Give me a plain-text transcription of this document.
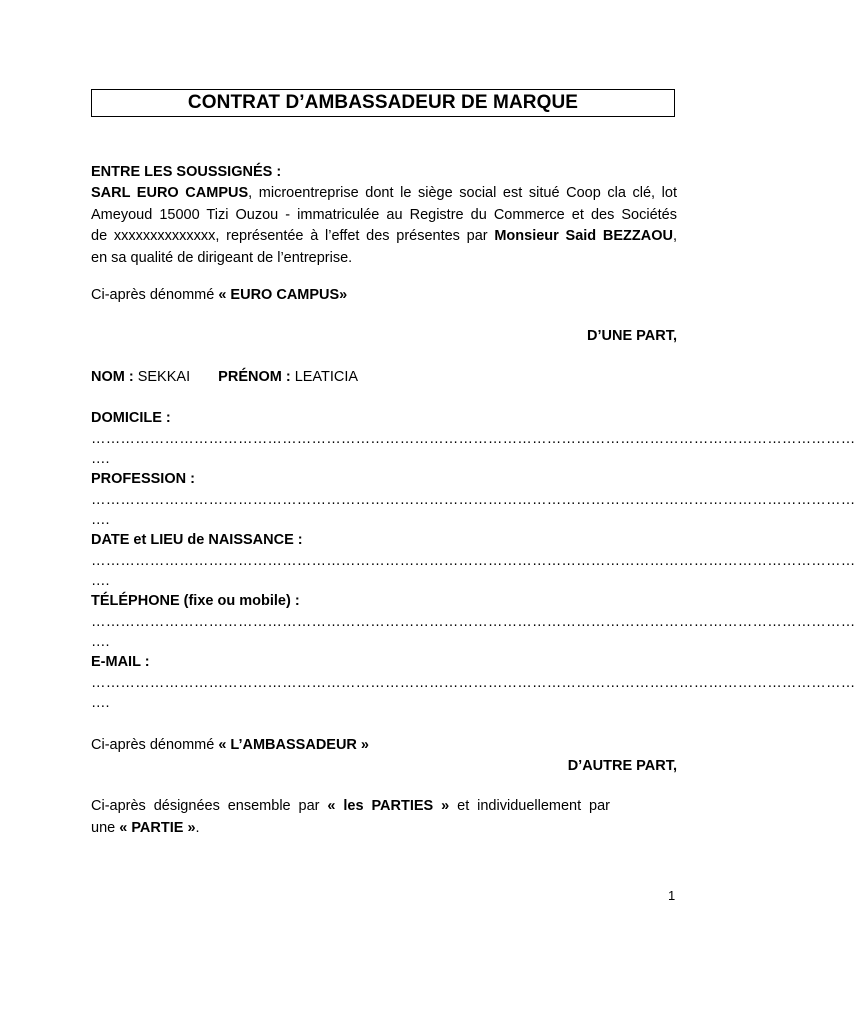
CONTRAT D’AMBASSADEUR DE MARQUE
ENTRE LES SOUSSIGNÉS :
SARL EURO CAMPUS, microentreprise dont le siège social est situé Coop cla clé, lot
Ameyoud 15000 Tizi Ouzou - immatriculée au Registre du Commerce et des Sociétés
de xxxxxxxxxxxxxx, représentée à l’effet des présentes par Monsieur Said BEZZAOU,
en sa qualité de dirigeant de l’entreprise.
Ci-après dénommé « EURO CAMPUS»
D’UNE PART,
NOM : SEKKAI PRÉNOM : LEATICIA
DOMICILE :
…………………………………………………………………………………………………………………………………………
….
PROFESSION :
…………………………………………………………………………………………………………………………………………
….
DATE et LIEU de NAISSANCE :
…………………………………………………………………………………………………………………………………………
….
TÉLÉPHONE (fixe ou mobile) :
…………………………………………………………………………………………………………………………………………
….
E-MAIL :
…………………………………………………………………………………………………………………………………………
….
Ci-après dénommé « L’AMBASSADEUR »
D’AUTRE PART,
Ci-après désignées ensemble par « les PARTIES » et individuellement par
une « PARTIE ».
1
